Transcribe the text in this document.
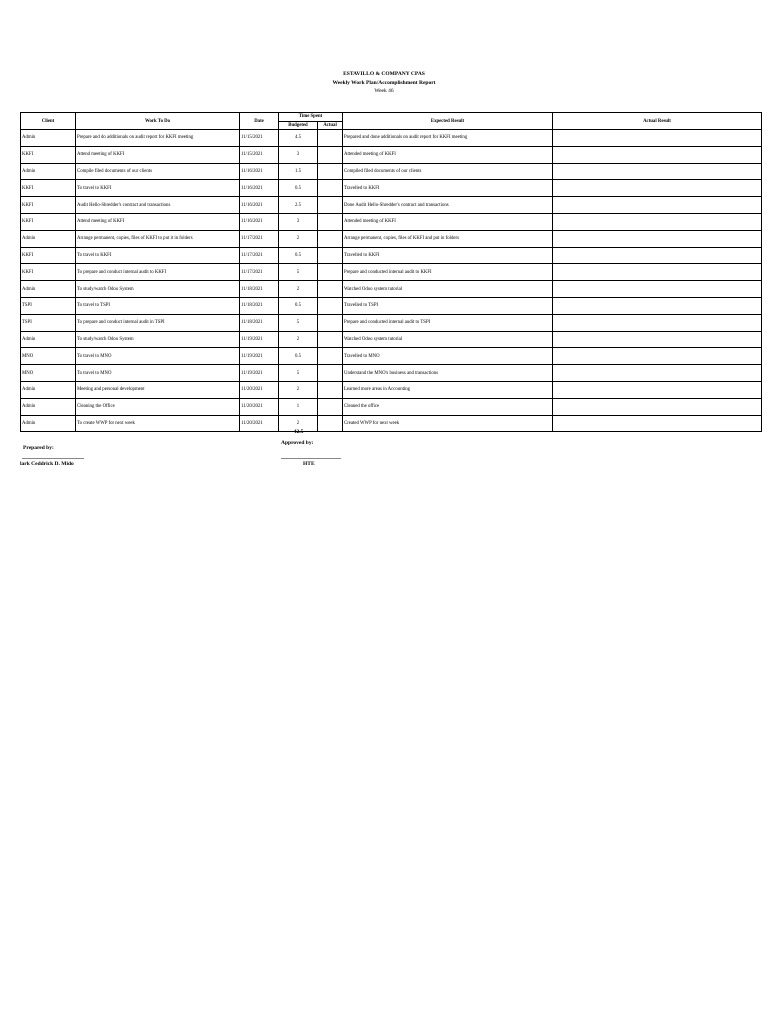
ESTAVILLO & COMPANY CPAS
Weekly Work Plan/Accomplishment Report
Week 46
Client	Work To Do	Date	Time Spent		Expected Result	Actual Result
			Budgeted	Actual		
Admin	Prepare and do additionals on audit report for KKFI meeting	11/15/2021	4.5		Prepared and done additionals on audit report for KKFI meeting	
KKFI	Attend meeting of KKFI	11/15/2021	3		Attended meeting of KKFI	
Admin	Compile filed documents of our clients	11/16/2021	1.5		Compiled filed documents of our clients	
KKFI	To travel to KKFI	11/16/2021	0.5		Travelled to KKFI	
KKFI	Audit Hello-Shredder's contract and transactions	11/16/2021	2.5		Done Audit Hello-Shredder's contract and transactions	
KKFI	Attend meeting of KKFI	11/16/2021	3		Attended meeting of KKFI	
Admin	Arrange permanent, copies, files of KKFI to put it in folders	11/17/2021	2		Arrange permanent, copies, files of KKFI and put in folders	
KKFI	To travel to KKFI	11/17/2021	0.5		Travelled to KKFI	
KKFI	To prepare and conduct internal audit to KKFI	11/17/2021	5		Prepare and conducted internal audit to KKFI	
Admin	To study/watch Odoo System	11/18/2021	2		Watched Odoo system tutorial	
TSPI	To travel to TSPI	11/18/2021	0.5		Travelled to TSPI	
TSPI	To prepare and conduct internal audit in TSPI	11/18/2021	5		Prepare and conducted internal audit to TSPI	
Admin	To study/watch Odoo System	11/19/2021	2		Watched Odoo system tutorial	
MNO	To travel to MNO	11/19/2021	0.5		Travelled to MNO	
MNO	To travel to MNO	11/19/2021	5		Understand the MNO's business and transactions	
Admin	Meeting and personal development	11/20/2021	2		Learned more areas in Accounting	
Admin	Cleaning the Office	11/20/2021	1		Cleaned the office	
Admin	To create WWP for next week	11/20/2021	2		Created WWP for next week	
42.5
Prepared by:
Approved by:
lark Ceddrick D. Mido	HTE
